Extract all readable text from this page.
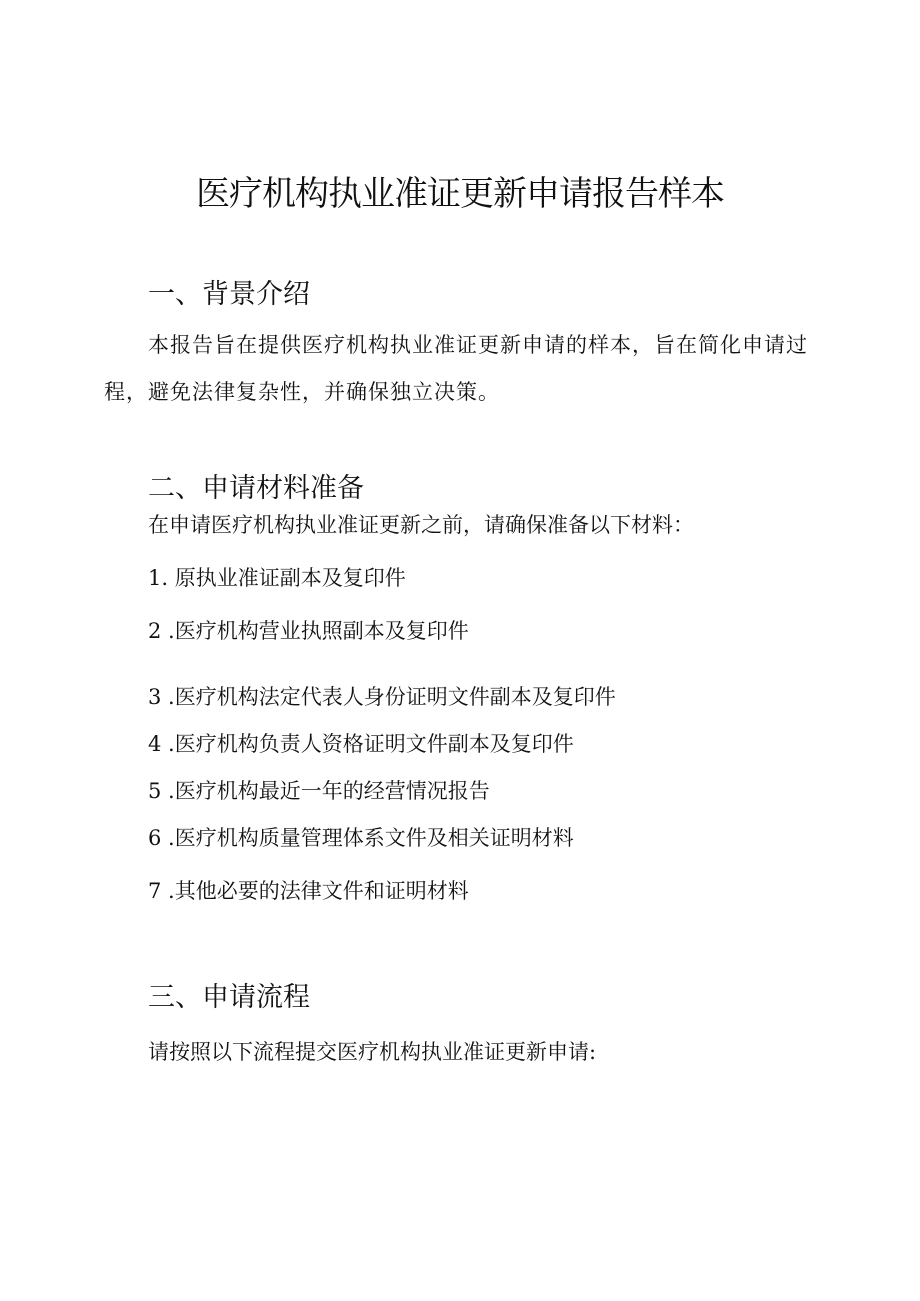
医疗机构执业准证更新申请报告样本
一、背景介绍
本报告旨在提供医疗机构执业准证更新申请的样本，旨在简化申请过程，避免法律复杂性，并确保独立决策。
二、申请材料准备
在申请医疗机构执业准证更新之前，请确保准备以下材料：
1. 原执业准证副本及复印件
2 .医疗机构营业执照副本及复印件
3 .医疗机构法定代表人身份证明文件副本及复印件
4 .医疗机构负责人资格证明文件副本及复印件
5 .医疗机构最近一年的经营情况报告
6 .医疗机构质量管理体系文件及相关证明材料
7 .其他必要的法律文件和证明材料
三、申请流程
请按照以下流程提交医疗机构执业准证更新申请:
